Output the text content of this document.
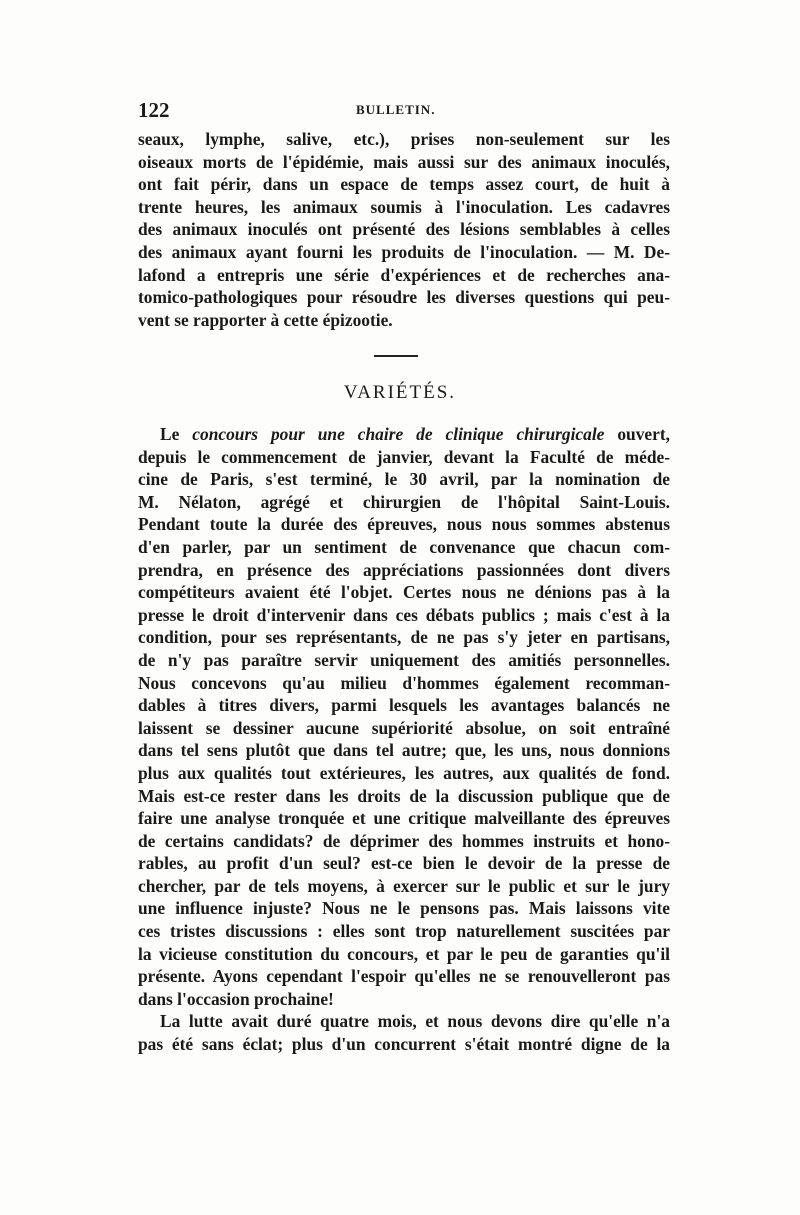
122	BULLETIN.
seaux, lymphe, salive, etc.), prises non-seulement sur les
oiseaux morts de l'épidémie, mais aussi sur des animaux inoculés,
ont fait périr, dans un espace de temps assez court, de huit à
trente heures, les animaux soumis à l'inoculation. Les cadavres
des animaux inoculés ont présenté des lésions semblables à celles
des animaux ayant fourni les produits de l'inoculation. — M. De-
lafond a entrepris une série d'expériences et de recherches ana-
tomico-pathologiques pour résoudre les diverses questions qui peu-
vent se rapporter à cette épizootie.
VARIÉTÉS.
Le concours pour une chaire de clinique chirurgicale ouvert,
depuis le commencement de janvier, devant la Faculté de méde-
cine de Paris, s'est terminé, le 30 avril, par la nomination de
M. Nélaton, agrégé et chirurgien de l'hôpital Saint-Louis.
Pendant toute la durée des épreuves, nous nous sommes abstenus
d'en parler, par un sentiment de convenance que chacun com-
prendra, en présence des appréciations passionnées dont divers
compétiteurs avaient été l'objet. Certes nous ne dénions pas à la
presse le droit d'intervenir dans ces débats publics ; mais c'est à la
condition, pour ses représentants, de ne pas s'y jeter en partisans,
de n'y pas paraître servir uniquement des amitiés personnelles.
Nous concevons qu'au milieu d'hommes également recomman-
dables à titres divers, parmi lesquels les avantages balancés ne
laissent se dessiner aucune supériorité absolue, on soit entraîné
dans tel sens plutôt que dans tel autre; que, les uns, nous donnions
plus aux qualités tout extérieures, les autres, aux qualités de fond.
Mais est-ce rester dans les droits de la discussion publique que de
faire une analyse tronquée et une critique malveillante des épreuves
de certains candidats? de déprimer des hommes instruits et hono-
rables, au profit d'un seul? est-ce bien le devoir de la presse de
chercher, par de tels moyens, à exercer sur le public et sur le jury
une influence injuste? Nous ne le pensons pas. Mais laissons vite
ces tristes discussions : elles sont trop naturellement suscitées par
la vicieuse constitution du concours, et par le peu de garanties qu'il
présente. Ayons cependant l'espoir qu'elles ne se renouvelleront pas
dans l'occasion prochaine!
La lutte avait duré quatre mois, et nous devons dire qu'elle n'a
pas été sans éclat; plus d'un concurrent s'était montré digne de la
